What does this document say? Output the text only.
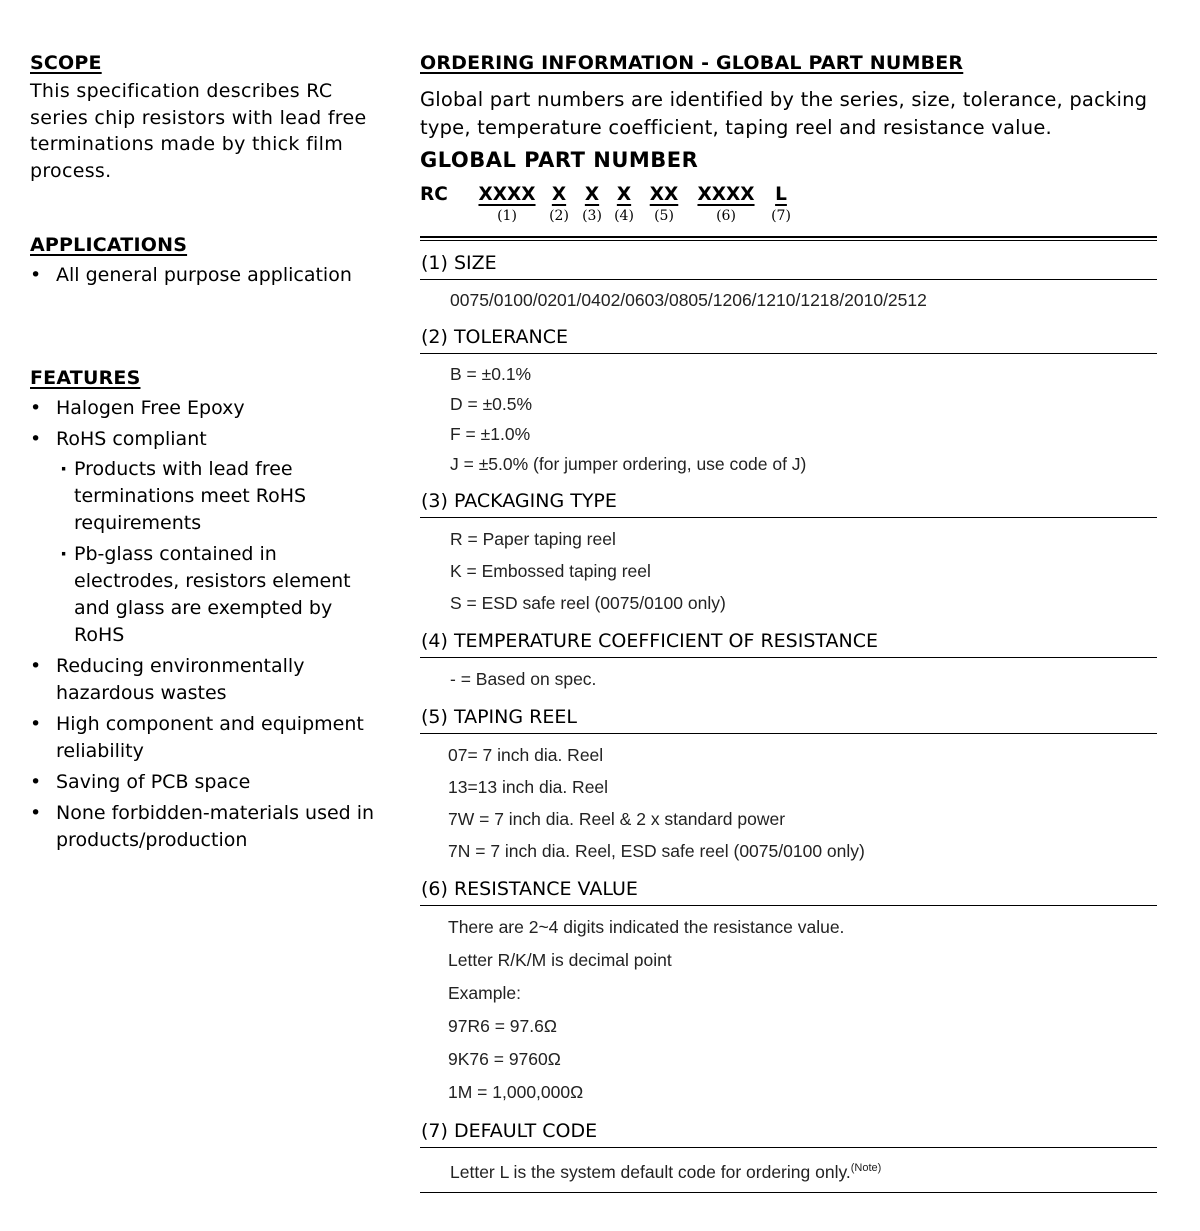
SCOPE

This specification describes RC series chip resistors with lead free terminations made by thick film process.

APPLICATIONS
• All general purpose application
FEATURES
• Halogen Free Epoxy
• RoHS compliant
· Products with lead free terminations meet RoHS requirements
· Pb-glass contained in electrodes, resistors element and glass are exempted by RoHS
• Reducing environmentally hazardous wastes
• High component and equipment reliability
• Saving of PCB space
• None forbidden-materials used in products/production
ORDERING INFORMATION - GLOBAL PART NUMBER

Global part numbers are identified by the series, size, tolerance, packing type, temperature coefficient, taping reel and resistance value.

GLOBAL PART NUMBER
RC	XXXX X	X X	XX	XXXX	L
(1)	(2) (3) (4)	(5)	(6)	(7)
(1) SIZE
0075/0100/0201/0402/0603/0805/1206/1210/1218/2010/2512
(2) TOLERANCE
B = ±0.1%
D = ±0.5%
F = ±1.0%
J = ±5.0% (for jumper ordering, use code of J)
(3) PACKAGING TYPE
R = Paper taping reel
K = Embossed taping reel
S = ESD safe reel (0075/0100 only)
(4) TEMPERATURE COEFFICIENT OF RESISTANCE
- = Based on spec.
(5) TAPING REEL
07= 7 inch dia. Reel
13=13 inch dia. Reel
7W = 7 inch dia. Reel & 2 x standard power
7N = 7 inch dia. Reel, ESD safe reel (0075/0100 only)
(6) RESISTANCE VALUE
There are 2~4 digits indicated the resistance value.
Letter R/K/M is decimal point
Example:
97R6 = 97.6Ω
9K76 = 9760Ω
1M = 1,000,000Ω
(7) DEFAULT CODE
Letter L is the system default code for ordering only.$^{(Note)}$
